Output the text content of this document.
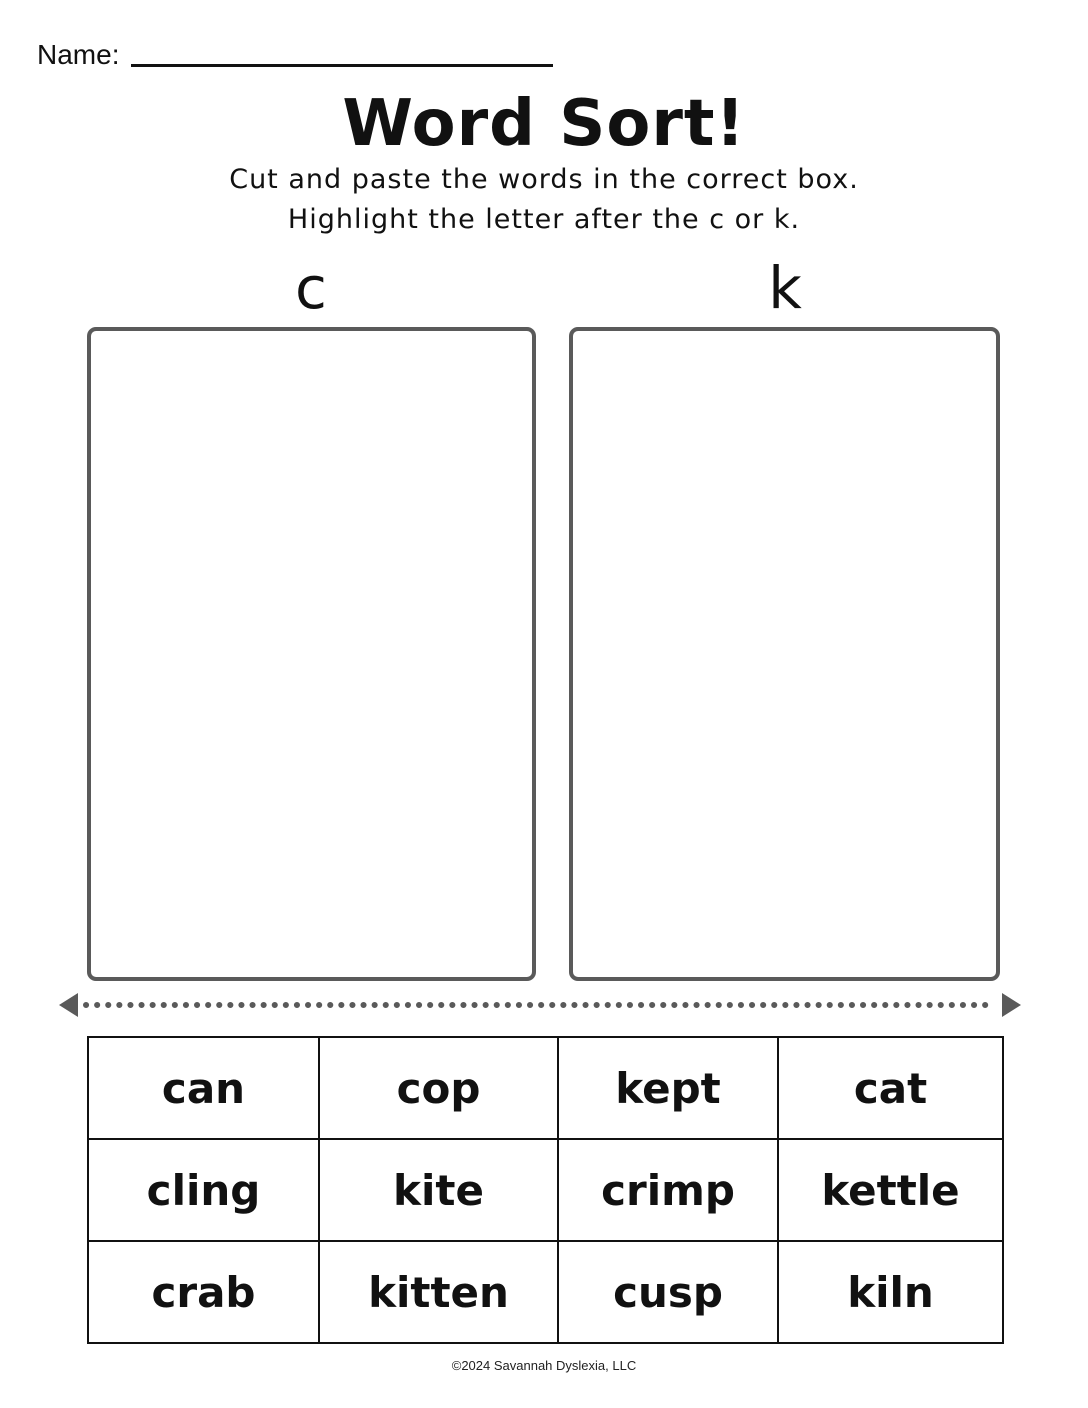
Name:
Word Sort!
Cut and paste the words in the correct box.
Highlight the letter after the c or k.
c	k
can	cop	kept	cat
cling	kite	crimp	kettle
crab	kitten	cusp	kiln
©2024 Savannah Dyslexia, LLC
